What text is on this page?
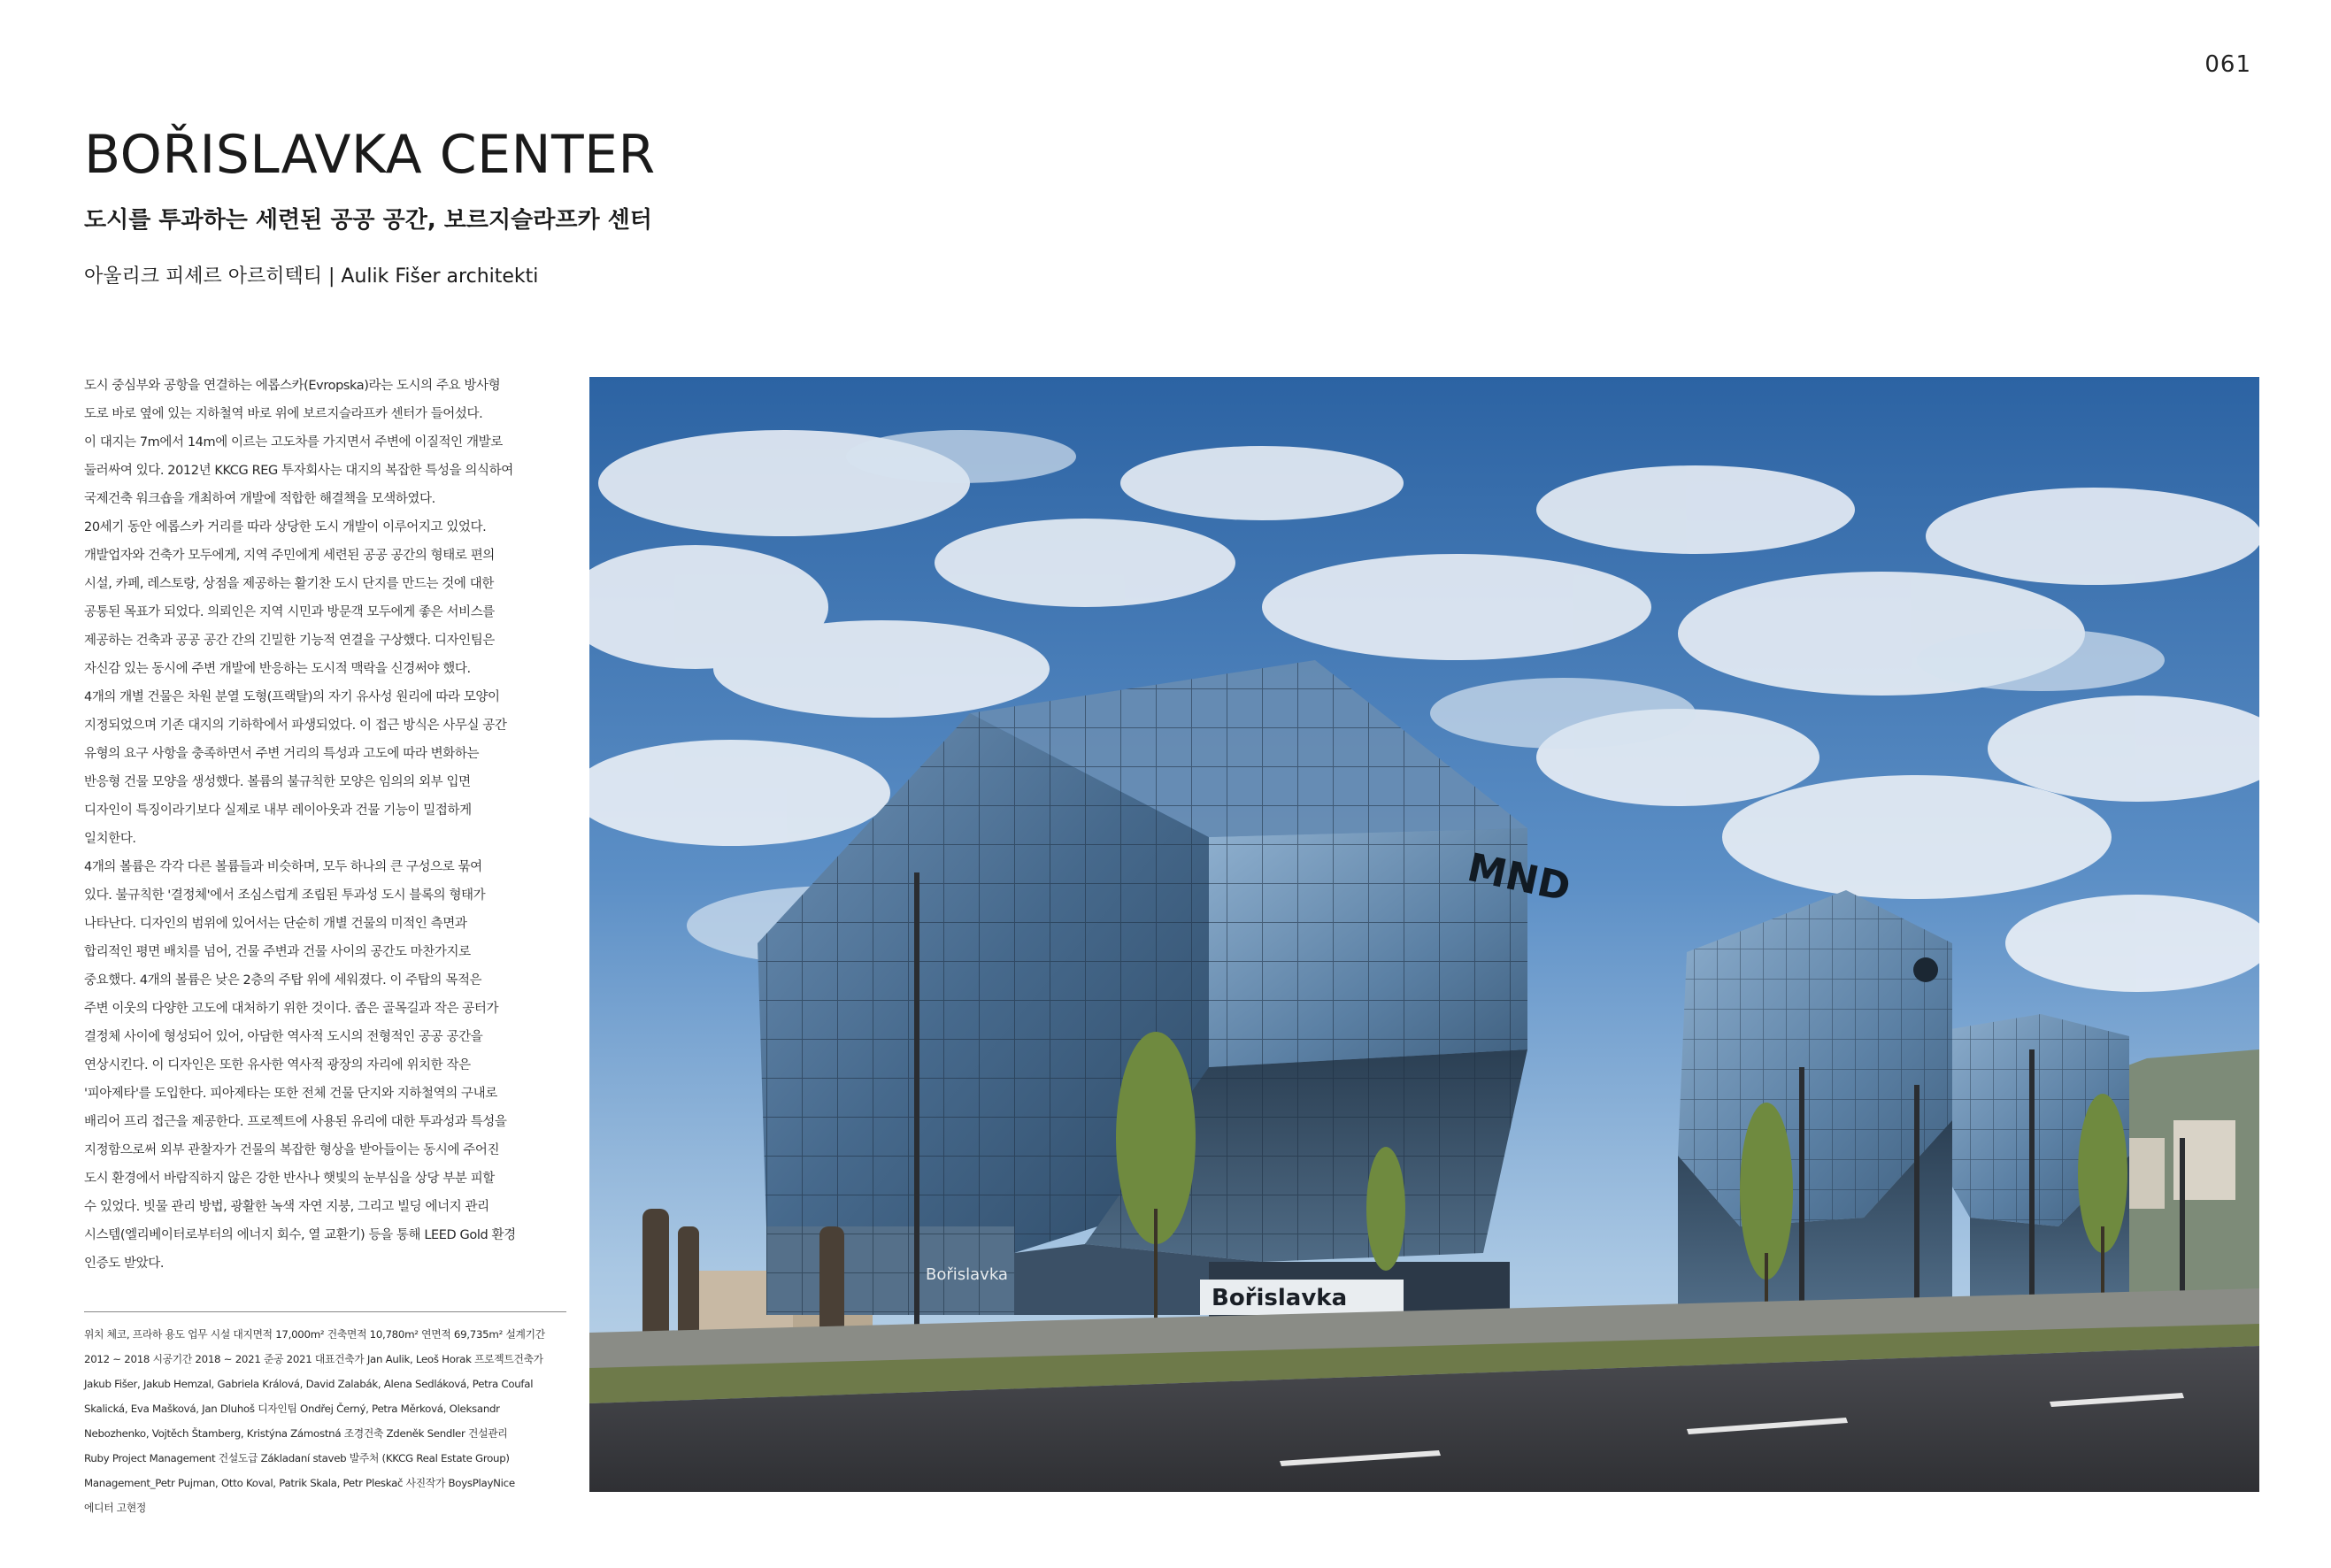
061
BOŘISLAVKA CENTER
도시를 투과하는 세련된 공공 공간, 보르지슬라프카 센터

아울리크 피셰르 아르히텍티 | Aulik Fišer architekti

도시 중심부와 공항을 연결하는 에롭스카(Evropska)라는 도시의 주요 방사형

도로 바로 옆에 있는 지하철역 바로 위에 보르지슬라프카 센터가 들어섰다.

이 대지는 7m에서 14m에 이르는 고도차를 가지면서 주변에 이질적인 개발로

둘러싸여 있다. 2012년 KKCG REG 투자회사는 대지의 복잡한 특성을 의식하여

국제건축 워크숍을 개최하여 개발에 적합한 해결책을 모색하였다.

20세기 동안 에롭스카 거리를 따라 상당한 도시 개발이 이루어지고 있었다.

개발업자와 건축가 모두에게, 지역 주민에게 세련된 공공 공간의 형태로 편의

시설, 카페, 레스토랑, 상점을 제공하는 활기찬 도시 단지를 만드는 것에 대한

공통된 목표가 되었다. 의뢰인은 지역 시민과 방문객 모두에게 좋은 서비스를

제공하는 건축과 공공 공간 간의 긴밀한 기능적 연결을 구상했다. 디자인팀은

자신감 있는 동시에 주변 개발에 반응하는 도시적 맥락을 신경써야 했다.

4개의 개별 건물은 차원 분열 도형(프랙탈)의 자기 유사성 원리에 따라 모양이

지정되었으며 기존 대지의 기하학에서 파생되었다. 이 접근 방식은 사무실 공간

유형의 요구 사항을 충족하면서 주변 거리의 특성과 고도에 따라 변화하는

반응형 건물 모양을 생성했다. 볼륨의 불규칙한 모양은 임의의 외부 입면

디자인이 특징이라기보다 실제로 내부 레이아웃과 건물 기능이 밀접하게

일치한다.

4개의 볼륨은 각각 다른 볼륨들과 비슷하며, 모두 하나의 큰 구성으로 묶여

있다. 불규칙한 '결정체'에서 조심스럽게 조립된 투과성 도시 블록의 형태가

나타난다. 디자인의 범위에 있어서는 단순히 개별 건물의 미적인 측면과

합리적인 평면 배치를 넘어, 건물 주변과 건물 사이의 공간도 마찬가지로

중요했다. 4개의 볼륨은 낮은 2층의 주탑 위에 세워졌다. 이 주탑의 목적은

주변 이웃의 다양한 고도에 대처하기 위한 것이다. 좁은 골목길과 작은 공터가

결정체 사이에 형성되어 있어, 아담한 역사적 도시의 전형적인 공공 공간을

연상시킨다. 이 디자인은 또한 유사한 역사적 광장의 자리에 위치한 작은

'피아제타'를 도입한다. 피아제타는 또한 전체 건물 단지와 지하철역의 구내로

배리어 프리 접근을 제공한다. 프로젝트에 사용된 유리에 대한 투과성과 특성을

지정함으로써 외부 관찰자가 건물의 복잡한 형상을 받아들이는 동시에 주어진

도시 환경에서 바람직하지 않은 강한 반사나 햇빛의 눈부심을 상당 부분 피할

수 있었다. 빗물 관리 방법, 광활한 녹색 자연 지붕, 그리고 빌딩 에너지 관리

시스템(엘리베이터로부터의 에너지 회수, 열 교환기) 등을 통해 LEED Gold 환경

인증도 받았다.

위치 체코, 프라하 용도 업무 시설 대지면적 17,000m² 건축면적 10,780m² 연면적 69,735m² 설계기간

2012 ~ 2018 시공기간 2018 ~ 2021 준공 2021 대표건축가 Jan Aulik, Leoš Horak 프로젝트건축가

Jakub Fišer, Jakub Hemzal, Gabriela Králová, David Zalabák, Alena Sedláková, Petra Coufal

Skalická, Eva Mašková, Jan Dluhoš 디자인팀 Ondřej Černý, Petra Měrková, Oleksandr

Nebozhenko, Vojtěch Štamberg, Kristýna Zámostná 조경건축 Zdeněk Sendler 건설관리

Ruby Project Management 건설도급 Základaní staveb 발주처 (KKCG Real Estate Group)

Management_Petr Pujman, Otto Koval, Patrik Skala, Petr Pleskač 사진작가 BoysPlayNice

에디터 고현정

MND
Bořislavka
Bořislavka
